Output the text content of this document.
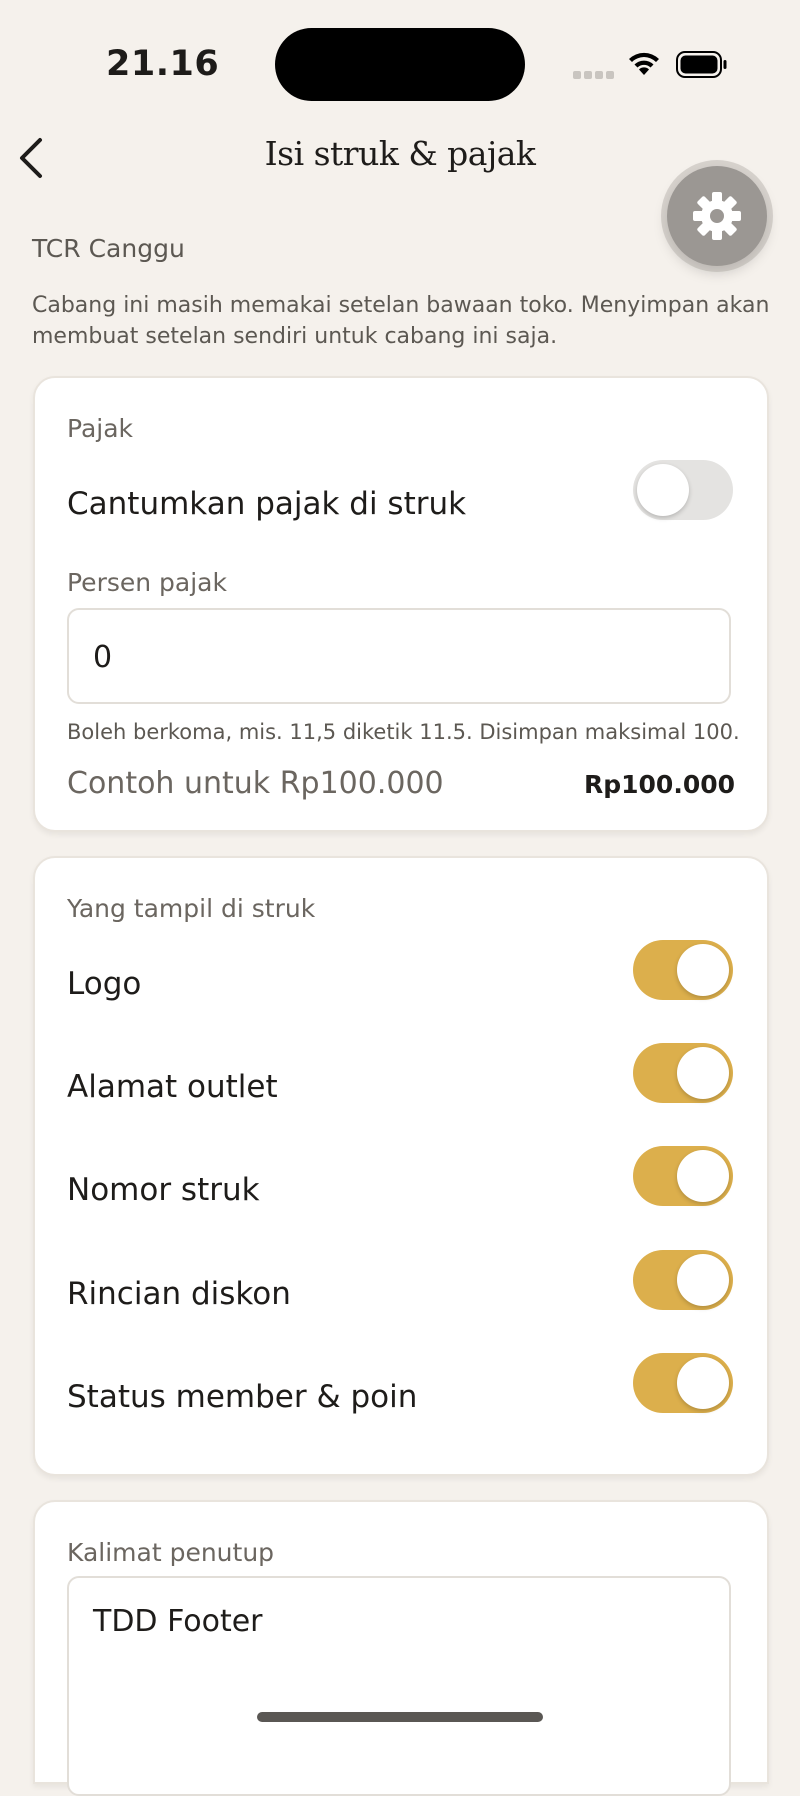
21.16
Isi struk & pajak
TCR Canggu
Cabang ini masih memakai setelan bawaan toko. Menyimpan akan membuat setelan sendiri untuk cabang ini saja.
Pajak
Cantumkan pajak di struk
Persen pajak
0
Boleh berkoma, mis. 11,5 diketik 11.5. Disimpan maksimal 100.
Contoh untuk Rp100.000	Rp100.000
Yang tampil di struk
Logo
Alamat outlet
Nomor struk
Rincian diskon
Status member & poin
Kalimat penutup
TDD Footer
